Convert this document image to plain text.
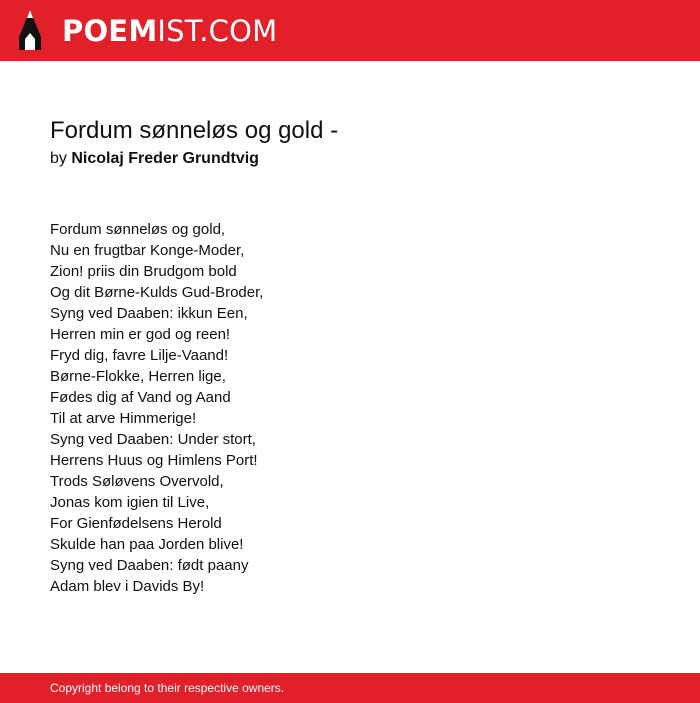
POEMIST.COM
Fordum sønneløs og gold -
by Nicolaj Freder Grundtvig
Fordum sønneløs og gold,
Nu en frugtbar Konge-Moder,
Zion! priis din Brudgom bold
Og dit Børne-Kulds Gud-Broder,
Syng ved Daaben: ikkun Een,
Herren min er god og reen!
Fryd dig, favre Lilje-Vaand!
Børne-Flokke, Herren lige,
Fødes dig af Vand og Aand
Til at arve Himmerige!
Syng ved Daaben: Under stort,
Herrens Huus og Himlens Port!
Trods Søløvens Overvold,
Jonas kom igien til Live,
For Gienfødelsens Herold
Skulde han paa Jorden blive!
Syng ved Daaben: født paany
Adam blev i Davids By!
Copyright belong to their respective owners.
